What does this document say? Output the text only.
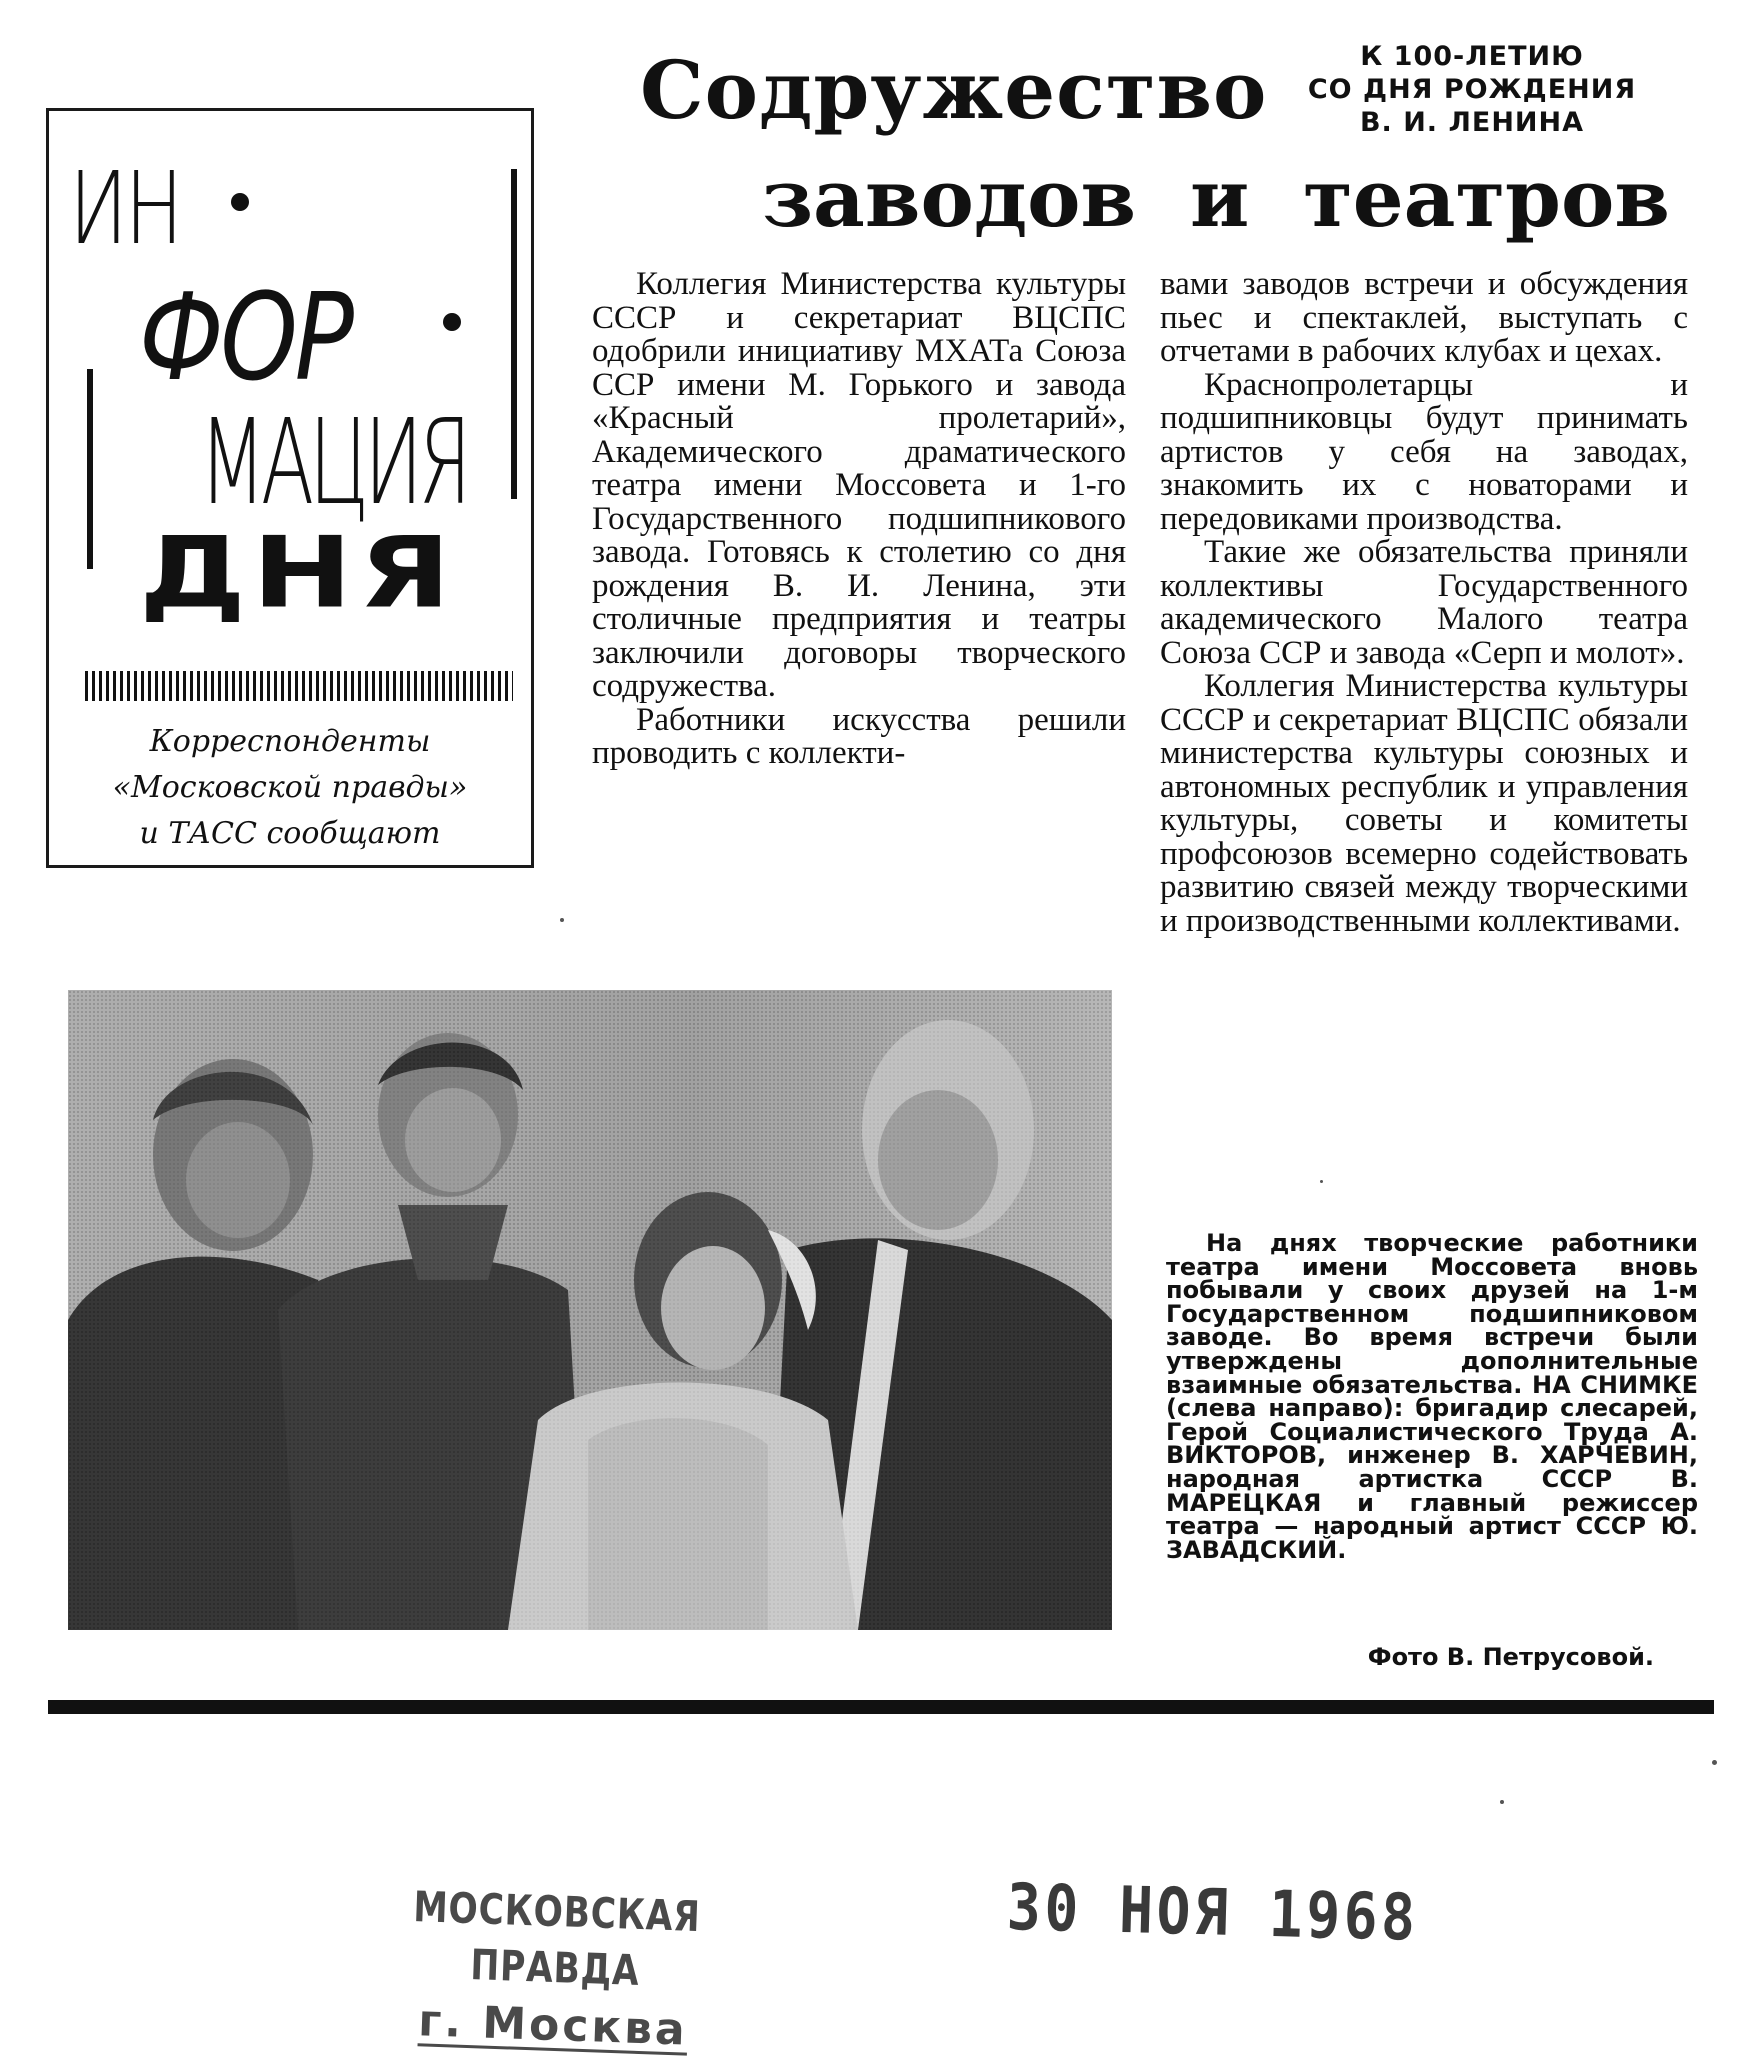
ИН
ФОР
МАЦИЯ
ДНЯ
Корреспонденты
«Московской правды»
и ТАСС сообщают
Содружество
заводов и театров
К 100-ЛЕТИЮ
СО ДНЯ РОЖДЕНИЯ
В. И. ЛЕНИНА

Коллегия Министерства культуры СССР и секретариат ВЦСПС одобрили инициативу МХАТа Союза ССР имени М. Горького и завода «Красный пролетарий», Академического драматического театра имени Моссовета и 1-го Государственного подшипникового завода. Готовясь к столетию со дня рождения В. И. Ленина, эти столичные предприятия и театры заключили договоры творческого содружества.

Работники искусства решили проводить с коллекти-

вами заводов встречи и обсуждения пьес и спектаклей, выступать с отчетами в рабочих клубах и цехах.

Краснопролетарцы и подшипниковцы будут принимать артистов у себя на заводах, знакомить их с новаторами и передовиками производства.

Такие же обязательства приняли коллективы Государственного академического Малого театра Союза ССР и завода «Серп и молот».

Коллегия Министерства культуры СССР и секретариат ВЦСПС обязали министерства культуры союзных и автономных республик и управления культуры, советы и комитеты профсоюзов всемерно содействовать развитию связей между творческими и производственными коллективами.

На днях творческие работники театра имени Моссовета вновь побывали у своих друзей на 1-м Государственном подшипниковом заводе. Во время встречи были утверждены дополнительные взаимные обязательства. НА СНИМКЕ (слева направо): бригадир слесарей, Герой Социалистического Труда А. ВИКТОРОВ, инженер В. ХАРЧЕВИН, народная артистка СССР В. МАРЕЦКАЯ и главный режиссер театра — народный артист СССР Ю. ЗАВАДСКИЙ.

Фото В. Петрусовой.
МОСКОВСКАЯ ПРАВДА
г. Москва
30 НОЯ 1968
